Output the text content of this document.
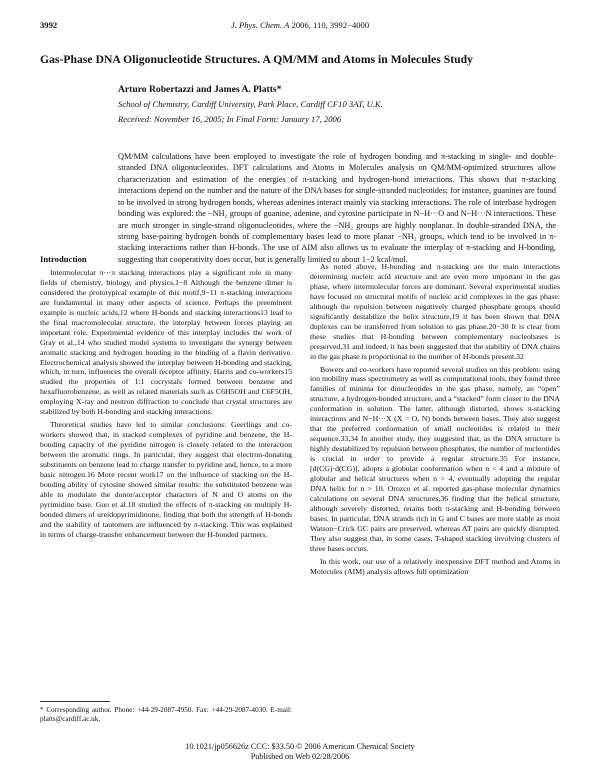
3992	J. Phys. Chem. A 2006, 110, 3992−4000
Gas-Phase DNA Oligonucleotide Structures. A QM/MM and Atoms in Molecules Study
Arturo Robertazzi and James A. Platts*
School of Chemistry, Cardiff University, Park Place, Cardiff CF10 3AT, U.K.
Received: November 16, 2005; In Final Form: January 17, 2006
QM/MM calculations have been employed to investigate the role of hydrogen bonding and π-stacking in single- and double-stranded DNA oligonucleotides. DFT calculations and Atoms in Molecules analysis on QM/MM-optimized structures allow characterization and estimation of the energies of π-stacking and hydrogen-bond interactions. This shows that π-stacking interactions depend on the number and the nature of the DNA bases for single-stranded nucleotides; for instance, guanines are found to be involved in strong hydrogen bonds, whereas adenines interact mainly via stacking interactions. The role of interbase hydrogen bonding was explored: the −NH₂ groups of guanine, adenine, and cytosine participate in N−H···O and N−H···N interactions. These are much stronger in single-strand oligonucleotides, where the −NH₂ groups are highly nonplanar. In double-stranded DNA, the strong base-pairing hydrogen bonds of complementary bases lead to more planar −NH₂ groups, which tend to be involved in π-stacking interactions rather than H-bonds. The use of AIM also allows us to evaluate the interplay of π-stacking and H-bonding, suggesting that cooperativity does occur, but is generally limited to about 1−2 kcal/mol.
Introduction

Intermolecular π···π stacking interactions play a significant role in many fields of chemistry, biology, and physics.1−8 Although the benzene dimer is considered the prototypical example of this motif,9−11 π-stacking interactions are fundamental in many other aspects of science. Perhaps the preeminent example is nucleic acids,12 where H-bonds and stacking interactions13 lead to the final macromolecular structure, the interplay between forces playing an important role. Experimental evidence of this interplay includes the work of Gray et al.,14 who studied model systems to investigate the synergy between aromatic stacking and hydrogen bonding in the binding of a flavin derivative. Electrochemical analysis showed the interplay between H-bonding and stacking, which, in turn, influences the overall receptor affinity. Harris and co-workers15 studied the properties of 1:1 cocrystals formed between benzene and hexafluorobenzene, as well as related materials such as C6H5OH and C6F5OH, employing X-ray and neutron diffraction to conclude that crystal structures are stabilized by both H-bonding and stacking interactions.

Theoretical studies have led to similar conclusions: Geerlings and co-workers showed that, in stacked complexes of pyridine and benzene, the H-bonding capacity of the pyridine nitrogen is closely related to the interaction between the aromatic rings. In particular, they suggest that electron-donating substituents on benzene lead to charge transfer to pyridine and, hence, to a more basic nitrogen.16 More recent work17 on the influence of stacking on the H-bonding ability of cytosine showed similar results: the substituted benzene was able to modulate the donor/acceptor characters of N and O atoms on the pyrimidine base. Guo et al.18 studied the effects of π-stacking on multiply H-bonded dimers of ureidopyrimidinone, finding that both the strength of H-bonds and the stability of tautomers are influenced by π-stacking. This was explained in terms of charge-transfer enhancement between the H-bonded partners.

As noted above, H-bonding and π-stacking are the main interactions determining nucleic acid structure and are even more important in the gas phase, where intermolecular forces are dominant. Several experimental studies have focused on structural motifs of nucleic acid complexes in the gas phase: although the repulsion between negatively charged phosphate groups should significantly destabilize the helix structure,19 it has been shown that DNA duplexes can be transferred from solution to gas phase.20−30 It is clear from these studies that H-bonding between complementary nucleobases is preserved,31 and indeed, it has been suggested that the stability of DNA chains in the gas phase is proportional to the number of H-bonds present.32

Bowers and co-workers have reported several studies on this problem: using ion mobility mass spectrometry as well as computational tools, they found three families of minima for dinucleotides in the gas phase, namely, an “open” structure, a hydrogen-bonded structure, and a “stacked” form closer to the DNA conformation in solution. The latter, although distorted, shows π-stacking interactions and N−H···X (X = O, N) bonds between bases. They also suggest that the preferred conformation of small nucleotides is related to their sequence.33,34 In another study, they suggested that, as the DNA structure is highly destabilized by repulsion between phosphates, the number of nucleotides is crucial in order to provide a regular structure.35 For instance, [d(CG)·d(CG)], adopts a globular conformation when n < 4 and a mixture of globular and helical structures when n > 4, eventually adopting the regular DNA helix for n > 10. Orozco et al. reported gas-phase molecular dynamics calculations on several DNA structures,36 finding that the helical structure, although severely distorted, retains both π-stacking and H-bonding between bases. In particular, DNA strands rich in G and C bases are more stable as most Watson−Crick GC pairs are preserved, whereas AT pairs are quickly disrupted. They also suggest that, in some cases, T-shaped stacking involving clusters of three bases occurs.

In this work, our use of a relatively inexpensive DFT method and Atoms in Molecules (AIM) analysis allows full optimization

* Corresponding author. Phone: +44-29-2087-4950. Fax: +44-29-2087-4030. E-mail: platts@cardiff.ac.uk.
10.1021/jp056626z CCC: $33.50 © 2006 American Chemical Society
Published on Web 02/28/2006
